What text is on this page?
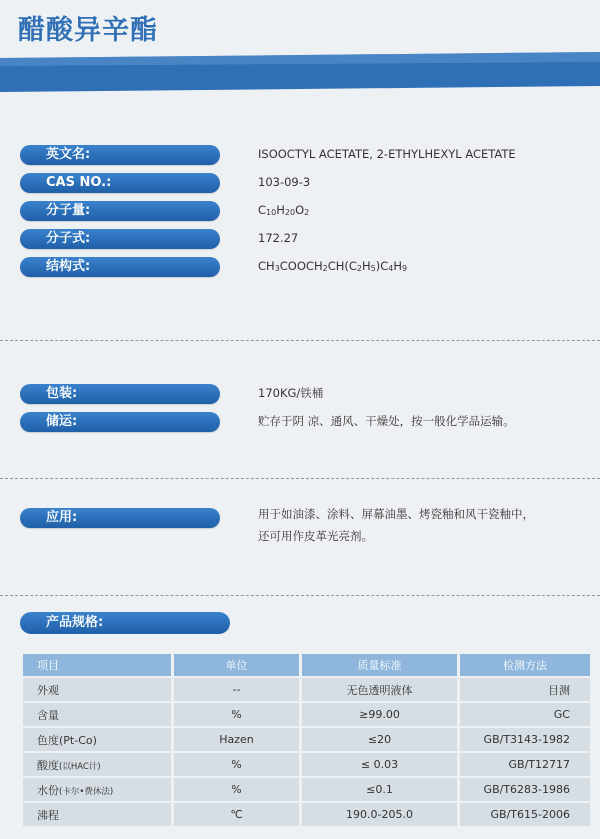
醋酸异辛酯
英文名:	ISOOCTYL ACETATE, 2-ETHYLHEXYL ACETATE
CAS NO.:	103-09-3
分子量:	$C_{10}H_{20}O_2$
分子式:	172.27
结构式:	$CH_3COOCH_2CH(C_2H_5)C_4H_9$
包装:	170KG/铁桶
储运:	贮存于阴 凉、通风、干燥处，按一般化学品运输。
应用:	用于如油漆、涂料、屏幕油墨、烤瓷釉和风干瓷釉中，
还可用作皮革光亮剂。
产品规格:
项目	单位	质量标准	检测方法
外观	--	无色透明液体	目测
含量	%	≥99.00	GC
色度(Pt-Co)	Hazen	≤20	GB/T3143-1982
酸度(以HAC计)	%	≤ 0.03	GB/T12717
水份(卡尔•费休法)	%	≤0.1	GB/T6283-1986
沸程	℃	190.0-205.0	GB/T615-2006
